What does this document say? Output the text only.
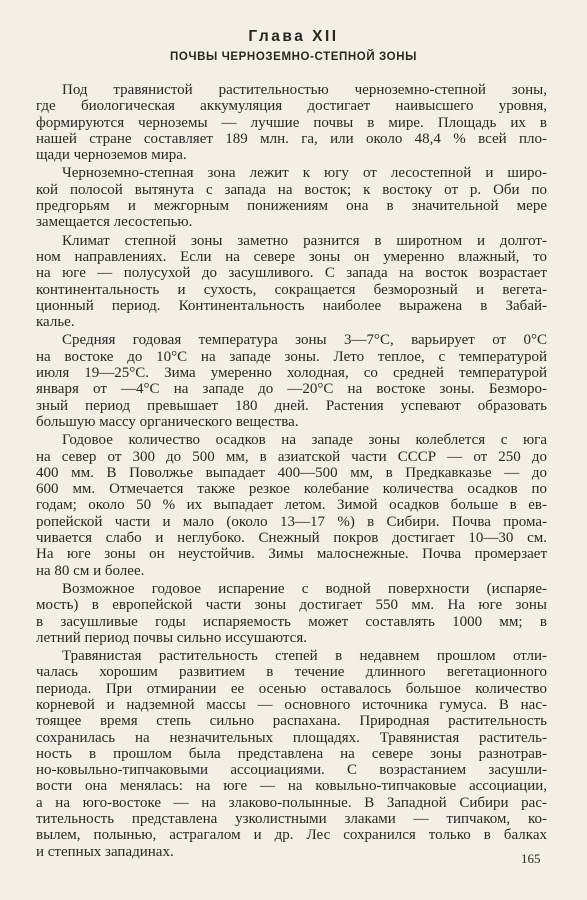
Глава XII
ПОЧВЫ ЧЕРНОЗЕМНО-СТЕПНОЙ ЗОНЫ
Под травянистой растительностью черноземно-степной зоны,
где биологическая аккумуляция достигает наивысшего уровня,
формируются черноземы — лучшие почвы в мире. Площадь их в
нашей стране составляет 189 млн. га, или около 48,4 % всей пло-
щади черноземов мира.
Черноземно-степная зона лежит к югу от лесостепной и широ-
кой полосой вытянута с запада на восток; к востоку от р. Оби по
предгорьям и межгорным понижениям она в значительной мере
замещается лесостепью.
Климат степной зоны заметно разнится в широтном и долгот-
ном направлениях. Если на севере зоны он умеренно влажный, то
на юге — полусухой до засушливого. С запада на восток возрастает
континентальность и сухость, сокращается безморозный и вегета-
ционный период. Континентальность наиболее выражена в Забай-
калье.
Средняя годовая температура зоны 3—7°С, варьирует от 0°С
на востоке до 10°С на западе зоны. Лето теплое, с температурой
июля 19—25°С. Зима умеренно холодная, со средней температурой
января от —4°С на западе до —20°С на востоке зоны. Безморо-
зный период превышает 180 дней. Растения успевают образовать
большую массу органического вещества.
Годовое количество осадков на западе зоны колеблется с юга
на север от 300 до 500 мм, в азиатской части СССР — от 250 до
400 мм. В Поволжье выпадает 400—500 мм, в Предкавказье — до
600 мм. Отмечается также резкое колебание количества осадков по
годам; около 50 % их выпадает летом. Зимой осадков больше в ев-
ропейской части и мало (около 13—17 %) в Сибири. Почва прома-
чивается слабо и неглубоко. Снежный покров достигает 10—30 см.
На юге зоны он неустойчив. Зимы малоснежные. Почва промерзает
на 80 см и более.
Возможное годовое испарение с водной поверхности (испаряе-
мость) в европейской части зоны достигает 550 мм. На юге зоны
в засушливые годы испаряемость может составлять 1000 мм; в
летний период почвы сильно иссушаются.
Травянистая растительность степей в недавнем прошлом отли-
чалась хорошим развитием в течение длинного вегетационного
периода. При отмирании ее осенью оставалось большое количество
корневой и надземной массы — основного источника гумуса. В нас-
тоящее время степь сильно распахана. Природная растительность
сохранилась на незначительных площадях. Травянистая раститель-
ность в прошлом была представлена на севере зоны разнотрав-
но-ковыльно-типчаковыми ассоциациями. С возрастанием засушли-
вости она менялась: на юге — на ковыльно-типчаковые ассоциации,
а на юго-востоке — на злаково-полынные. В Западной Сибири рас-
тительность представлена узколистными злаками — типчаком, ко-
вылем, полынью, астрагалом и др. Лес сохранился только в балках
и степных западинах.	165
